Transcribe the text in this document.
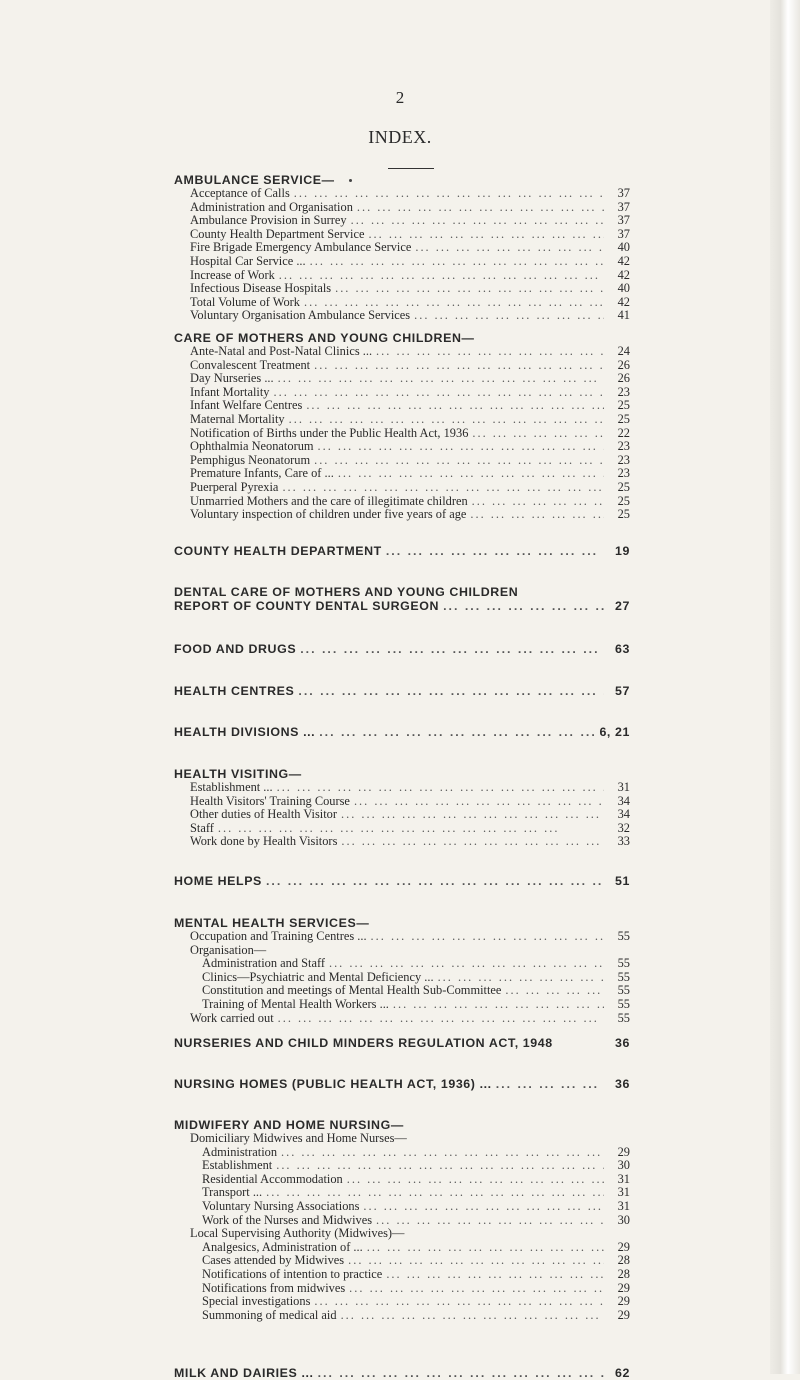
2
INDEX.
AMBULANCE SERVICE—
Acceptance of Calls ... .	37
Administration and Organisation ... .	37
Ambulance Provision in Surrey ... .	37
County Health Department Service ... .	37
Fire Brigade Emergency Ambulance Service ... .	40
Hospital Car Service ... ... .	42
Increase of Work ... .	42
Infectious Disease Hospitals ... .	40
Total Volume of Work ... .	42
Voluntary Organisation Ambulance Services ... .	41
CARE OF MOTHERS AND YOUNG CHILDREN—
Ante-Natal and Post-Natal Clinics ... ... .	24
Convalescent Treatment ... .	26
Day Nurseries ... ... .	26
Infant Mortality ... .	23
Infant Welfare Centres ... .	25
Maternal Mortality ... .	25
Notification of Births under the Public Health Act, 1936 ... .	22
Ophthalmia Neonatorum ... .	23
Pemphigus Neonatorum ... .	23
Premature Infants, Care of ... ... .	23
Puerperal Pyrexia ... .	25
Unmarried Mothers and the care of illegitimate children ... .	25
Voluntary inspection of children under five years of age ... .	25
COUNTY HEALTH DEPARTMENT ... .	19
DENTAL CARE OF MOTHERS AND YOUNG CHILDREN
REPORT OF COUNTY DENTAL SURGEON ... .	27
FOOD AND DRUGS ... .	63
HEALTH CENTRES ... .	57
HEALTH DIVISIONS ... ... .	6, 21
HEALTH VISITING—
Establishment ... ... .	31
Health Visitors' Training Course ... .	34
Other duties of Health Visitor ... .	34
Staff ... .	32
Work done by Health Visitors ... .	33
HOME HELPS ... .	51
MENTAL HEALTH SERVICES—
Occupation and Training Centres ... ... .	55
Organisation—
Administration and Staff ... .	55
Clinics—Psychiatric and Mental Deficiency ... ... .	55
Constitution and meetings of Mental Health Sub-Committee ... .	55
Training of Mental Health Workers ... ... .	55
Work carried out ... .	55
NURSERIES AND CHILD MINDERS REGULATION ACT, 1948	36
NURSING HOMES (PUBLIC HEALTH ACT, 1936) ... ... .	36
MIDWIFERY AND HOME NURSING—
Domiciliary Midwives and Home Nurses—
Administration ... .	29
Establishment ... .	30
Residential Accommodation ... .	31
Transport ... ... .	31
Voluntary Nursing Associations ... .	31
Work of the Nurses and Midwives ... .	30
Local Supervising Authority (Midwives)—
Analgesics, Administration of ... ... .	29
Cases attended by Midwives ... .	28
Notifications of intention to practice ... .	28
Notifications from midwives ... .	29
Special investigations ... .	29
Summoning of medical aid ... .	29
MILK AND DAIRIES ... ... .	62
